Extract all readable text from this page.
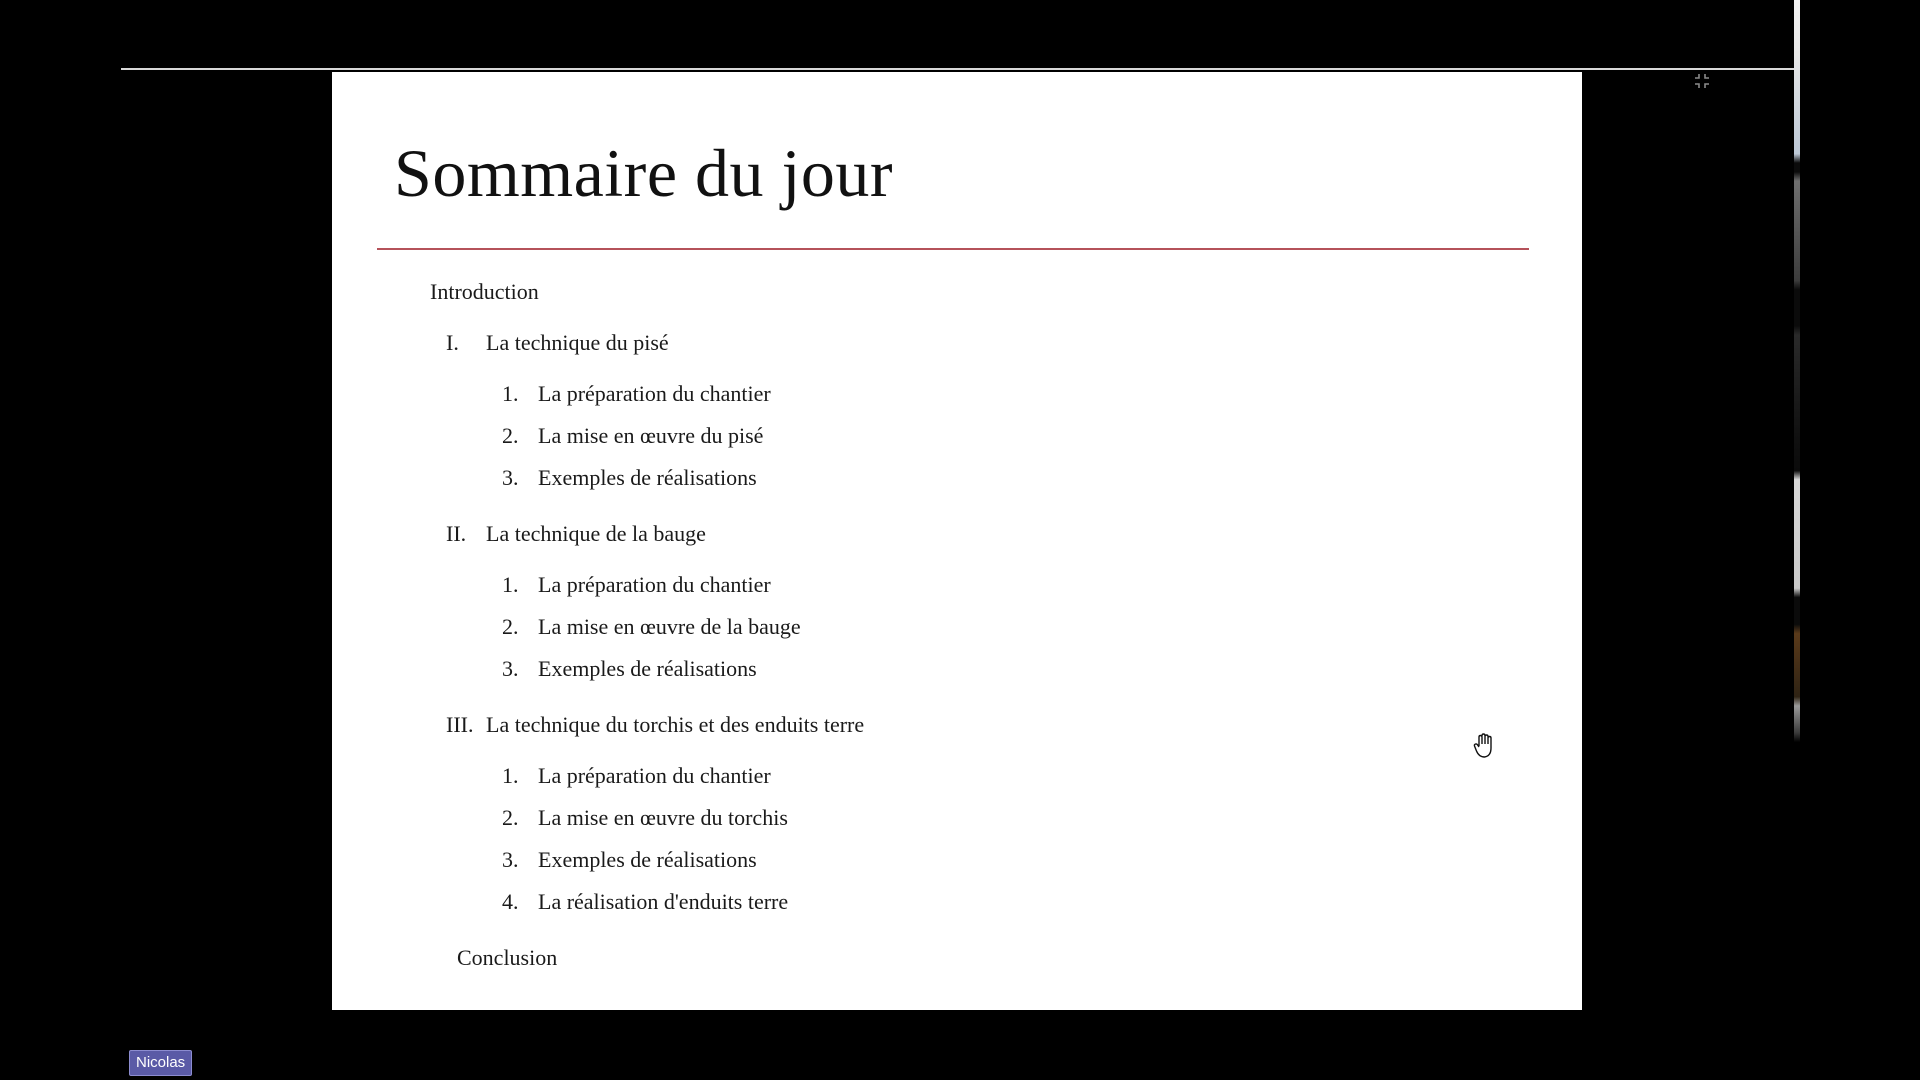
Sommaire du jour
Introduction
I. La technique du pisé
1. La préparation du chantier
2. La mise en œuvre du pisé
3. Exemples de réalisations
II. La technique de la bauge
1. La préparation du chantier
2. La mise en œuvre de la bauge
3. Exemples de réalisations
III. La technique du torchis et des enduits terre
1. La préparation du chantier
2. La mise en œuvre du torchis
3. Exemples de réalisations
4. La réalisation d'enduits terre
Conclusion
Nicolas
